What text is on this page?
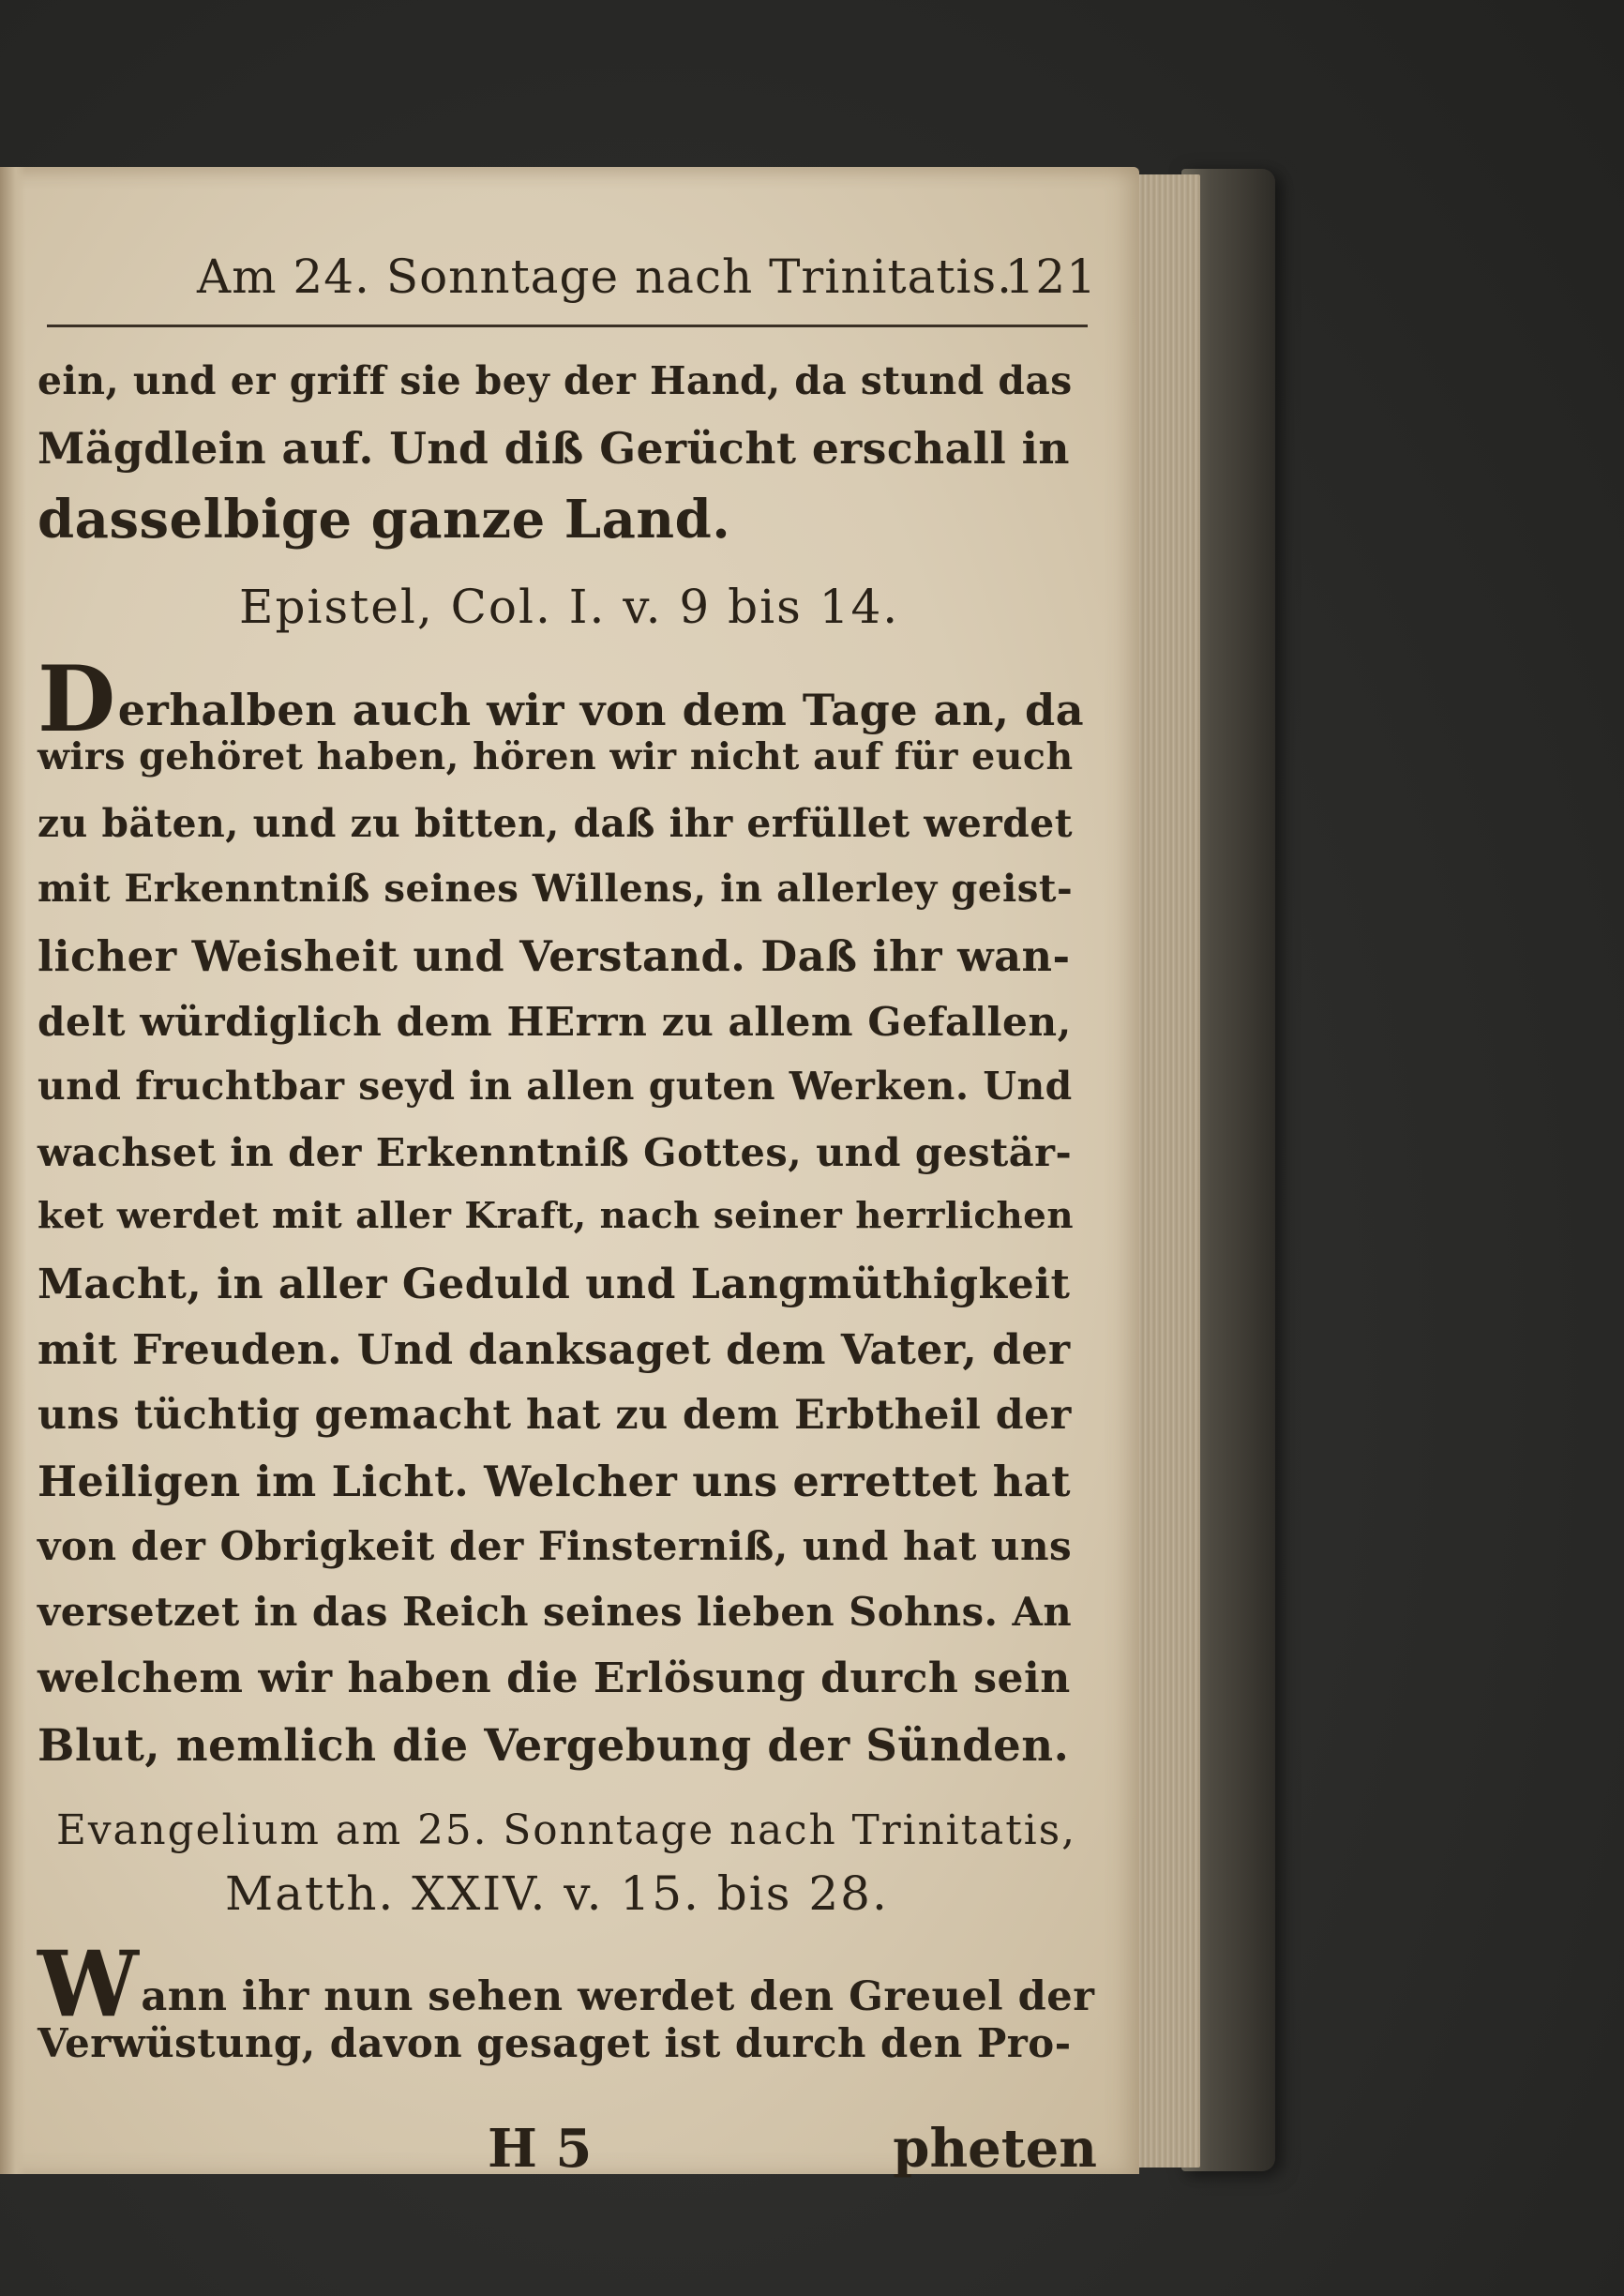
Am 24. Sonntage nach Trinitatis.
121
ein, und er griff sie bey der Hand, da stund das
Mägdlein auf. Und diß Gerücht erschall in
dasselbige ganze Land.
Epistel, Col. I. v. 9 bis 14.
Derhalben auch wir von dem Tage an, da
wirs gehöret haben, hören wir nicht auf für euch
zu bäten, und zu bitten, daß ihr erfüllet werdet
mit Erkenntniß seines Willens, in allerley geist-
licher Weisheit und Verstand. Daß ihr wan-
delt würdiglich dem HErrn zu allem Gefallen,
und fruchtbar seyd in allen guten Werken. Und
wachset in der Erkenntniß Gottes, und gestär-
ket werdet mit aller Kraft, nach seiner herrlichen
Macht, in aller Geduld und Langmüthigkeit
mit Freuden. Und danksaget dem Vater, der
uns tüchtig gemacht hat zu dem Erbtheil der
Heiligen im Licht. Welcher uns errettet hat
von der Obrigkeit der Finsterniß, und hat uns
versetzet in das Reich seines lieben Sohns. An
welchem wir haben die Erlösung durch sein
Blut, nemlich die Vergebung der Sünden.
Evangelium am 25. Sonntage nach Trinitatis,
Matth. XXIV. v. 15. bis 28.
Wann ihr nun sehen werdet den Greuel der
Verwüstung, davon gesaget ist durch den Pro-
H 5	pheten
